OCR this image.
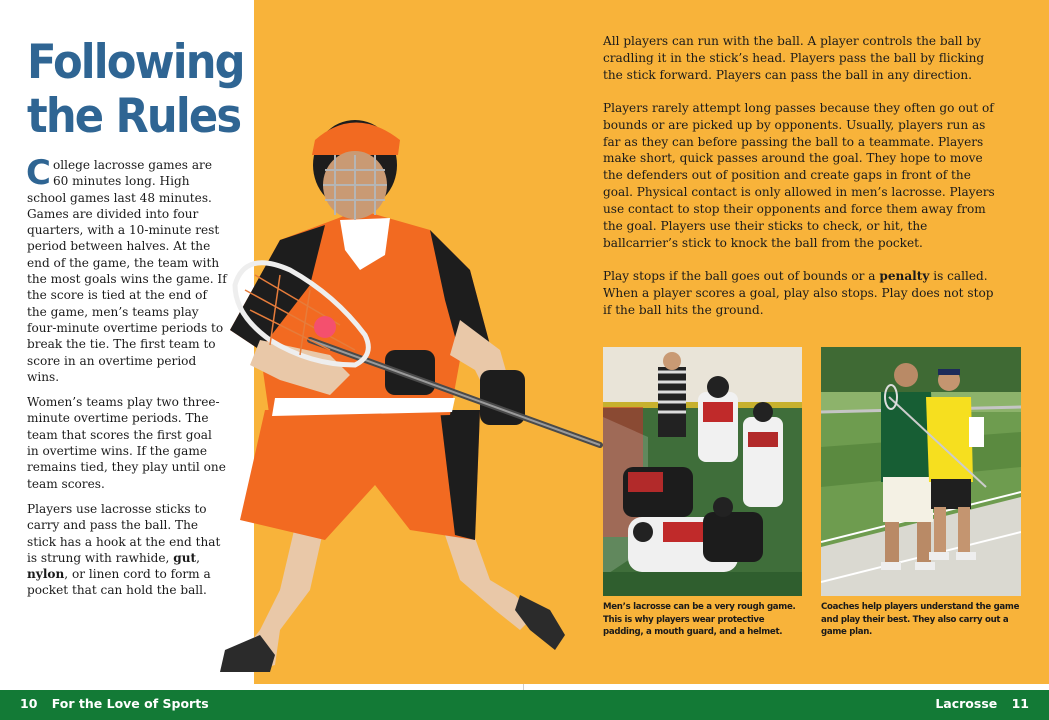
Following
the Rules

College lacrosse games are 60 minutes long. High school games last 48 minutes. Games are divided into four quarters, with a 10-minute rest period between halves. At the end of the game, the team with the most goals wins the game. If the score is tied at the end of the game, men’s teams play four-minute overtime periods to break the tie. The first team to score in an overtime period wins.

Women’s teams play two three-minute overtime periods. The team that scores the first goal in overtime wins. If the game remains tied, they play until one team scores.

Players use lacrosse sticks to carry and pass the ball. The stick has a hook at the end that is strung with rawhide, gut, nylon, or linen cord to form a pocket that can hold the ball.

All players can run with the ball. A player controls the ball by cradling it in the stick’s head. Players pass the ball by flicking the stick forward. Players can pass the ball in any direction.

Players rarely attempt long passes because they often go out of bounds or are picked up by opponents. Usually, players run as far as they can before passing the ball to a teammate. Players make short, quick passes around the goal. They hope to move the defenders out of position and create gaps in front of the goal. Physical contact is only allowed in men’s lacrosse. Players use contact to stop their opponents and force them away from the goal. Players use their sticks to check, or hit, the ballcarrier’s stick to knock the ball from the pocket.

Play stops if the ball goes out of bounds or a penalty is called. When a player scores a goal, play also stops. Play does not stop if the ball hits the ground.

Men’s lacrosse can be a very rough game. This is why players wear protective padding, a mouth guard, and a helmet.
Coaches help players understand the game and play their best. They also carry out a game plan.
10 For the Love of Sports	Lacrosse 11
